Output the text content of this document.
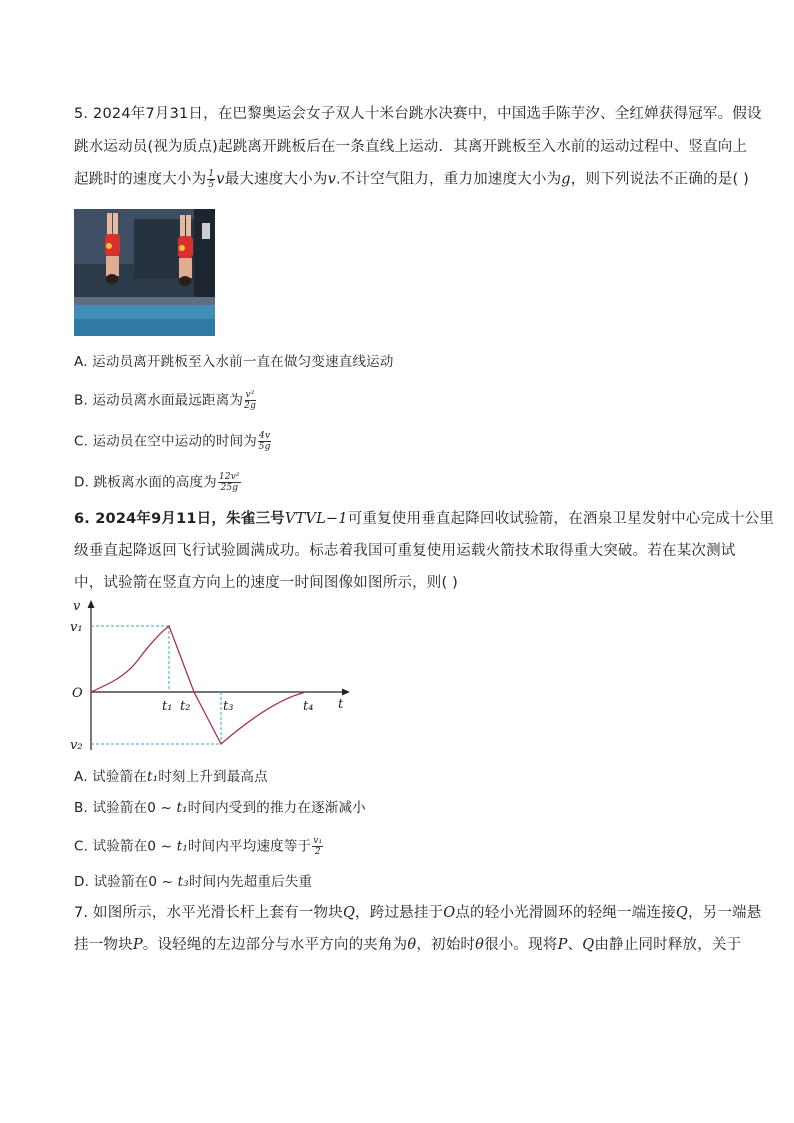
5. 2024年7月31日，在巴黎奥运会女子双人十米台跳水决赛中，中国选手陈芋汐、全红婵获得冠军。假设
跳水运动员(视为质点)起跳离开跳板后在一条直线上运动．其离开跳板至入水前的运动过程中、竖直向上
起跳时的速度大小为 $\frac{1}{5}$ v最大速度大小为v.不计空气阻力，重力加速度大小为g，则下列说法不正确的是( )
A. 运动员离开跳板至入水前一直在做匀变速直线运动
B. 运动员离水面最远距离为 $\frac{\text{v²}}{2g}$
C. 运动员在空中运动的时间为 $\frac{4v}{5g}$
D. 跳板离水面的高度为 $\frac{\text{12v²}}{25g}$
6. 2024年9月11日，朱雀三号VTVL−1可重复使用垂直起降回收试验箭，在酒泉卫星发射中心完成十公里
级垂直起降返回飞行试验圆满成功。标志着我国可重复使用运载火箭技术取得重大突破。若在某次测试
中，试验箭在竖直方向上的速度一时间图像如图所示，则( )
v
v₁
O
v₂
t₁ t₂	t₃	t₄ t
A. 试验箭在t₁时刻上升到最高点
B. 试验箭在0 ~ t₁时间内受到的推力在逐渐减小
C. 试验箭在0 ~ t₁时间内平均速度等于 $\frac{\text{v₁}}{2}$
D. 试验箭在0 ~ t₃时间内先超重后失重
7. 如图所示，水平光滑长杆上套有一物块Q，跨过悬挂于O点的轻小光滑圆环的轻绳一端连接Q，另一端悬
挂一物块P。设轻绳的左边部分与水平方向的夹角为θ，初始时θ很小。现将P、Q由静止同时释放，关于
